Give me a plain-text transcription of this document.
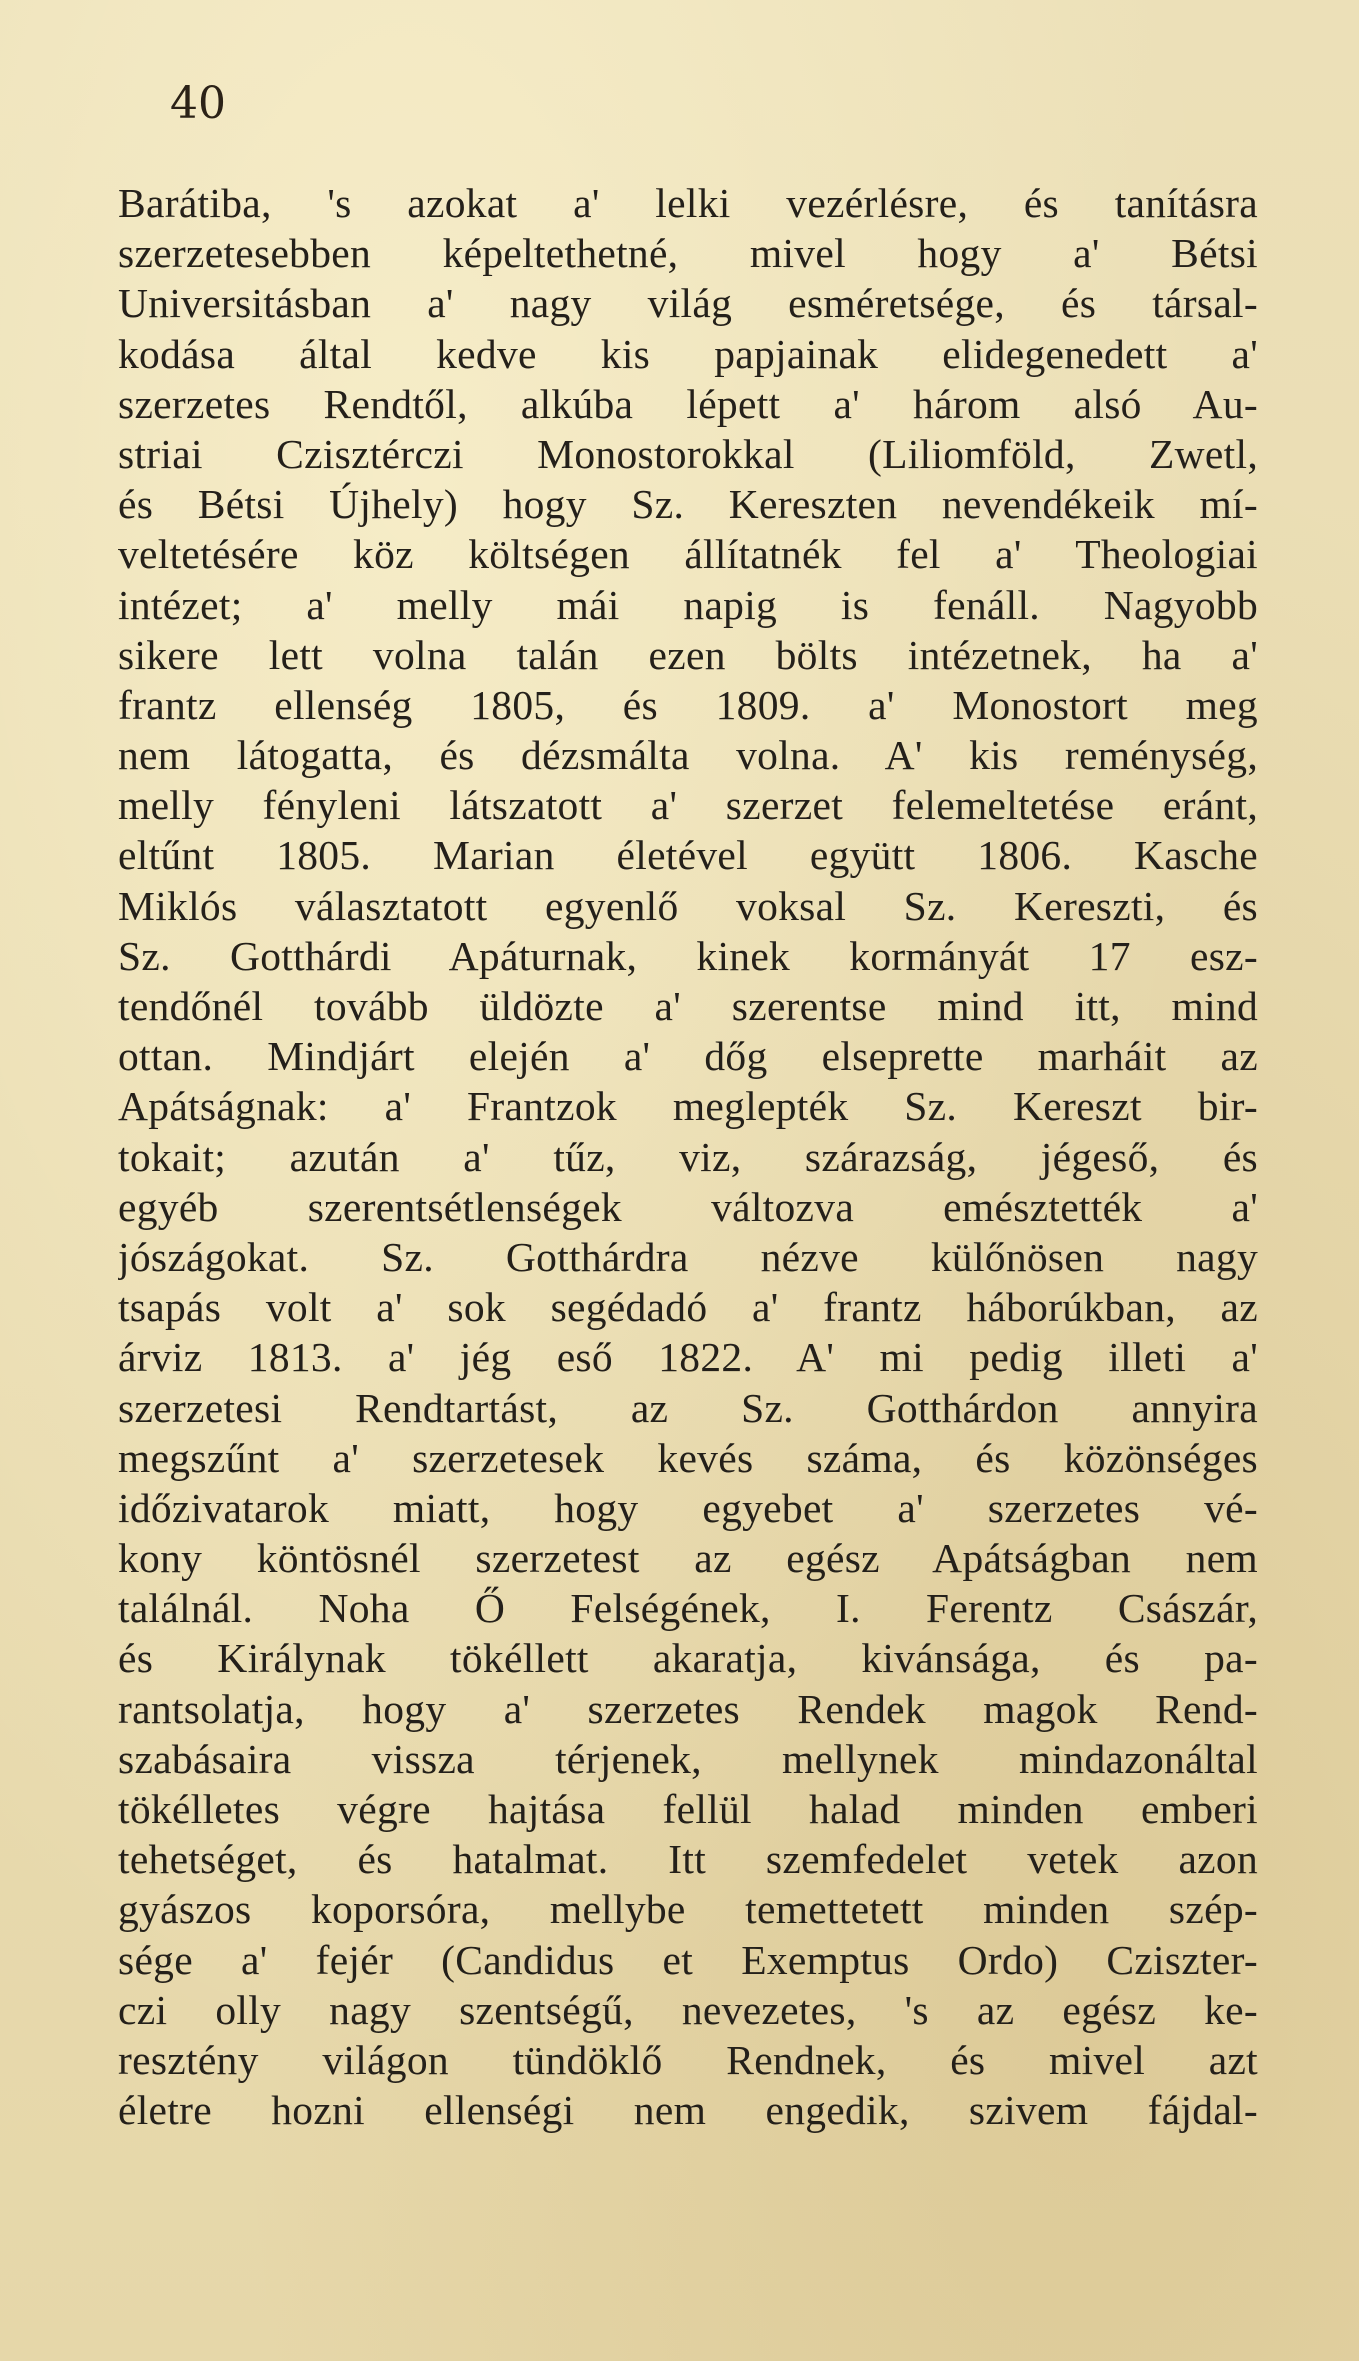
40
Barátiba, 's azokat a' lelki vezérlésre, és tanításra
szerzetesebben képeltethetné, mivel hogy a' Bétsi
Universitásban a' nagy világ esméretsége, és társal-
kodása által kedve kis papjainak elidegenedett a'
szerzetes Rendtől, alkúba lépett a' három alsó Au-
striai Czisztérczi Monostorokkal (Liliomföld, Zwetl,
és Bétsi Újhely) hogy Sz. Kereszten nevendékeik mí-
veltetésére köz költségen állítatnék fel a' Theologiai
intézet; a' melly mái napig is fenáll. Nagyobb
sikere lett volna talán ezen bölts intézetnek, ha a'
frantz ellenség 1805, és 1809. a' Monostort meg
nem látogatta, és dézsmálta volna. A' kis reménység,
melly fényleni látszatott a' szerzet felemeltetése eránt,
eltűnt 1805. Marian életével együtt 1806. Kasche
Miklós választatott egyenlő voksal Sz. Kereszti, és
Sz. Gotthárdi Apáturnak, kinek kormányát 17 esz-
tendőnél tovább üldözte a' szerentse mind itt, mind
ottan. Mindjárt elején a' dőg elseprette marháit az
Apátságnak: a' Frantzok meglepték Sz. Kereszt bir-
tokait; azután a' tűz, viz, szárazság, jégeső, és
egyéb szerentsétlenségek változva emésztették a'
jószágokat. Sz. Gotthárdra nézve külőnösen nagy
tsapás volt a' sok segédadó a' frantz háborúkban, az
árviz 1813. a' jég eső 1822. A' mi pedig illeti a'
szerzetesi Rendtartást, az Sz. Gotthárdon annyira
megszűnt a' szerzetesek kevés száma, és közönséges
időzivatarok miatt, hogy egyebet a' szerzetes vé-
kony köntösnél szerzetest az egész Apátságban nem
találnál. Noha Ő Felségének, I. Ferentz Császár,
és Királynak tökéllett akaratja, kivánsága, és pa-
rantsolatja, hogy a' szerzetes Rendek magok Rend-
szabásaira vissza térjenek, mellynek mindazonáltal
tökélletes végre hajtása fellül halad minden emberi
tehetséget, és hatalmat. Itt szemfedelet vetek azon
gyászos koporsóra, mellybe temettetett minden szép-
sége a' fejér (Candidus et Exemptus Ordo) Cziszter-
czi olly nagy szentségű, nevezetes, 's az egész ke-
resztény világon tündöklő Rendnek, és mivel azt
életre hozni ellenségi nem engedik, szivem fájdal-
